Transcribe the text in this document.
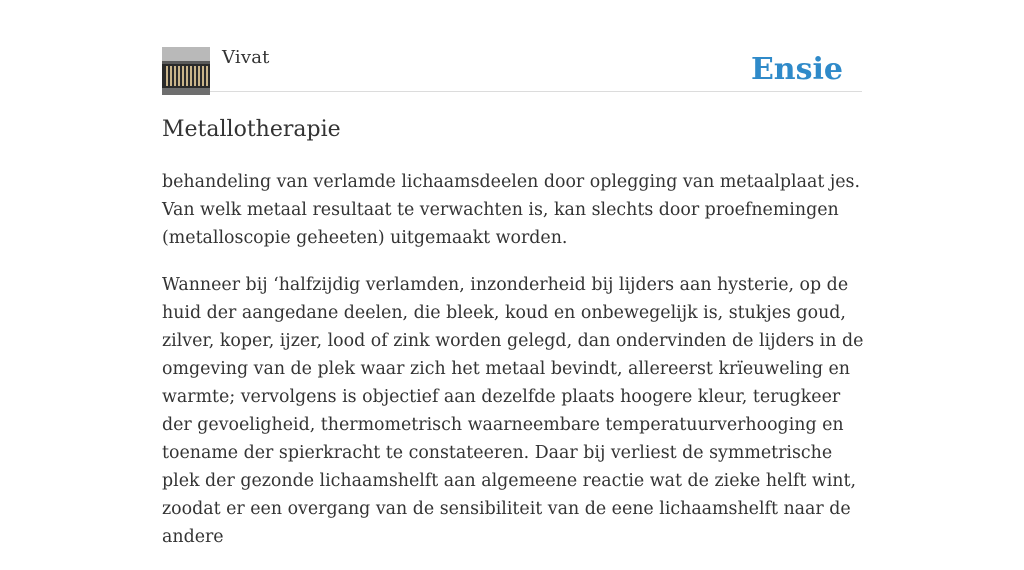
Vivat	Ensie
Metallotherapie

behandeling van verlamde lichaamsdeelen door oplegging van metaalplaat jes. Van welk metaal resultaat te verwachten is, kan slechts door proefnemingen (metalloscopie geheeten) uitgemaakt worden.

Wanneer bij ‘halfzijdig verlamden, inzonderheid bij lijders aan hysterie, op de huid der aangedane deelen, die bleek, koud en onbewegelijk is, stukjes goud, zilver, koper, ijzer, lood of zink worden gelegd, dan ondervinden de lijders in de omgeving van de plek waar zich het metaal bevindt, allereerst krïeuweling en warmte; vervolgens is objectief aan dezelfde plaats hoogere kleur, terugkeer der gevoeligheid, thermometrisch waarneembare temperatuurverhooging en toename der spierkracht te constateeren. Daar bij verliest de symmetrische plek der gezonde lichaamshelft aan algemeene reactie wat de zieke helft wint, zoodat er een overgang van de sensibiliteit van de eene lichaamshelft naar de andere
